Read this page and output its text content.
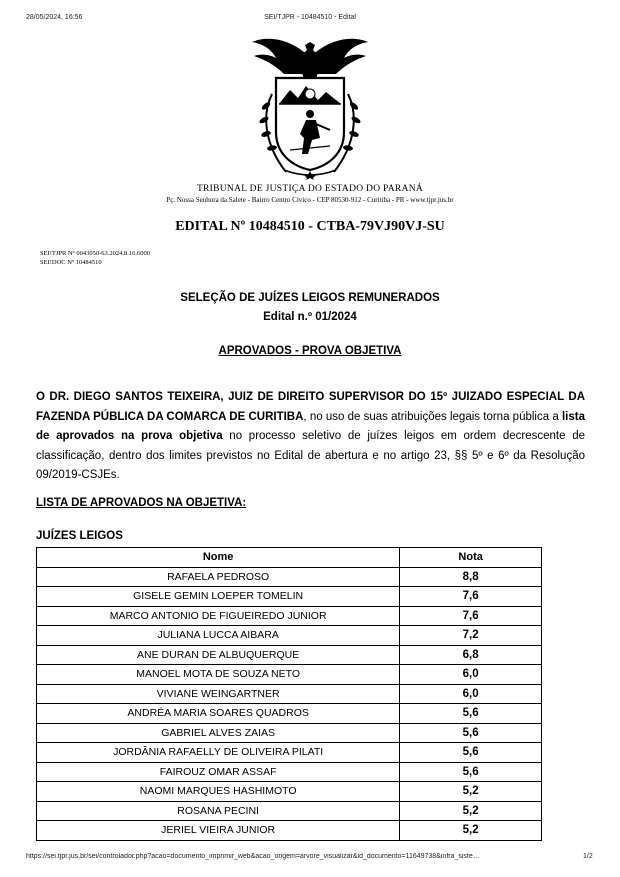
28/05/2024, 16:56	SEI/TJPR - 10484510 - Edital
TRIBUNAL DE JUSTIÇA DO ESTADO DO PARANÁ
Pç. Nossa Senhora da Salete - Bairro Centro Cívico - CEP 80530-912 - Curitiba - PR - www.tjpr.jus.br
EDITAL Nº 10484510 - CTBA-79VJ90VJ-SU
SEI!TJPR Nº 0043050-63.2024.8.16.6000
SEI!DOC Nº 10484510
SELEÇÃO DE JUÍZES LEIGOS REMUNERADOS
Edital n.º 01/2024
APROVADOS - PROVA OBJETIVA
O DR. DIEGO SANTOS TEIXEIRA, JUIZ DE DIREITO SUPERVISOR DO 15º JUIZADO ESPECIAL DA FAZENDA PÚBLICA DA COMARCA DE CURITIBA, no uso de suas atribuições legais torna pública a lista de aprovados na prova objetiva no processo seletivo de juízes leigos em ordem decrescente de classificação, dentro dos limites previstos no Edital de abertura e no artigo 23, §§ 5º e 6º da Resolução 09/2019-CSJEs.
LISTA DE APROVADOS NA OBJETIVA:
JUÍZES LEIGOS
Nome	Nota
RAFAELA PEDROSO	8,8
GISELE GEMIN LOEPER TOMELIN	7,6
MARCO ANTONIO DE FIGUEIREDO JUNIOR	7,6
JULIANA LUCCA AIBARA	7,2
ANE DURAN DE ALBUQUERQUE	6,8
MANOEL MOTA DE SOUZA NETO	6,0
VIVIANE WEINGARTNER	6,0
ANDRÉA MARIA SOARES QUADROS	5,6
GABRIEL ALVES ZAIAS	5,6
JORDÂNIA RAFAELLY DE OLIVEIRA PILATI	5,6
FAIROUZ OMAR ASSAF	5,6
NAOMI MARQUES HASHIMOTO	5,2
ROSANA PECINI	5,2
JERIEL VIEIRA JUNIOR	5,2
https://sei.tjpr.jus.br/sei/controlador.php?acao=documento_imprimir_web&acao_origem=arvore_visualizar&id_documento=11649738&infra_siste…	1/2
